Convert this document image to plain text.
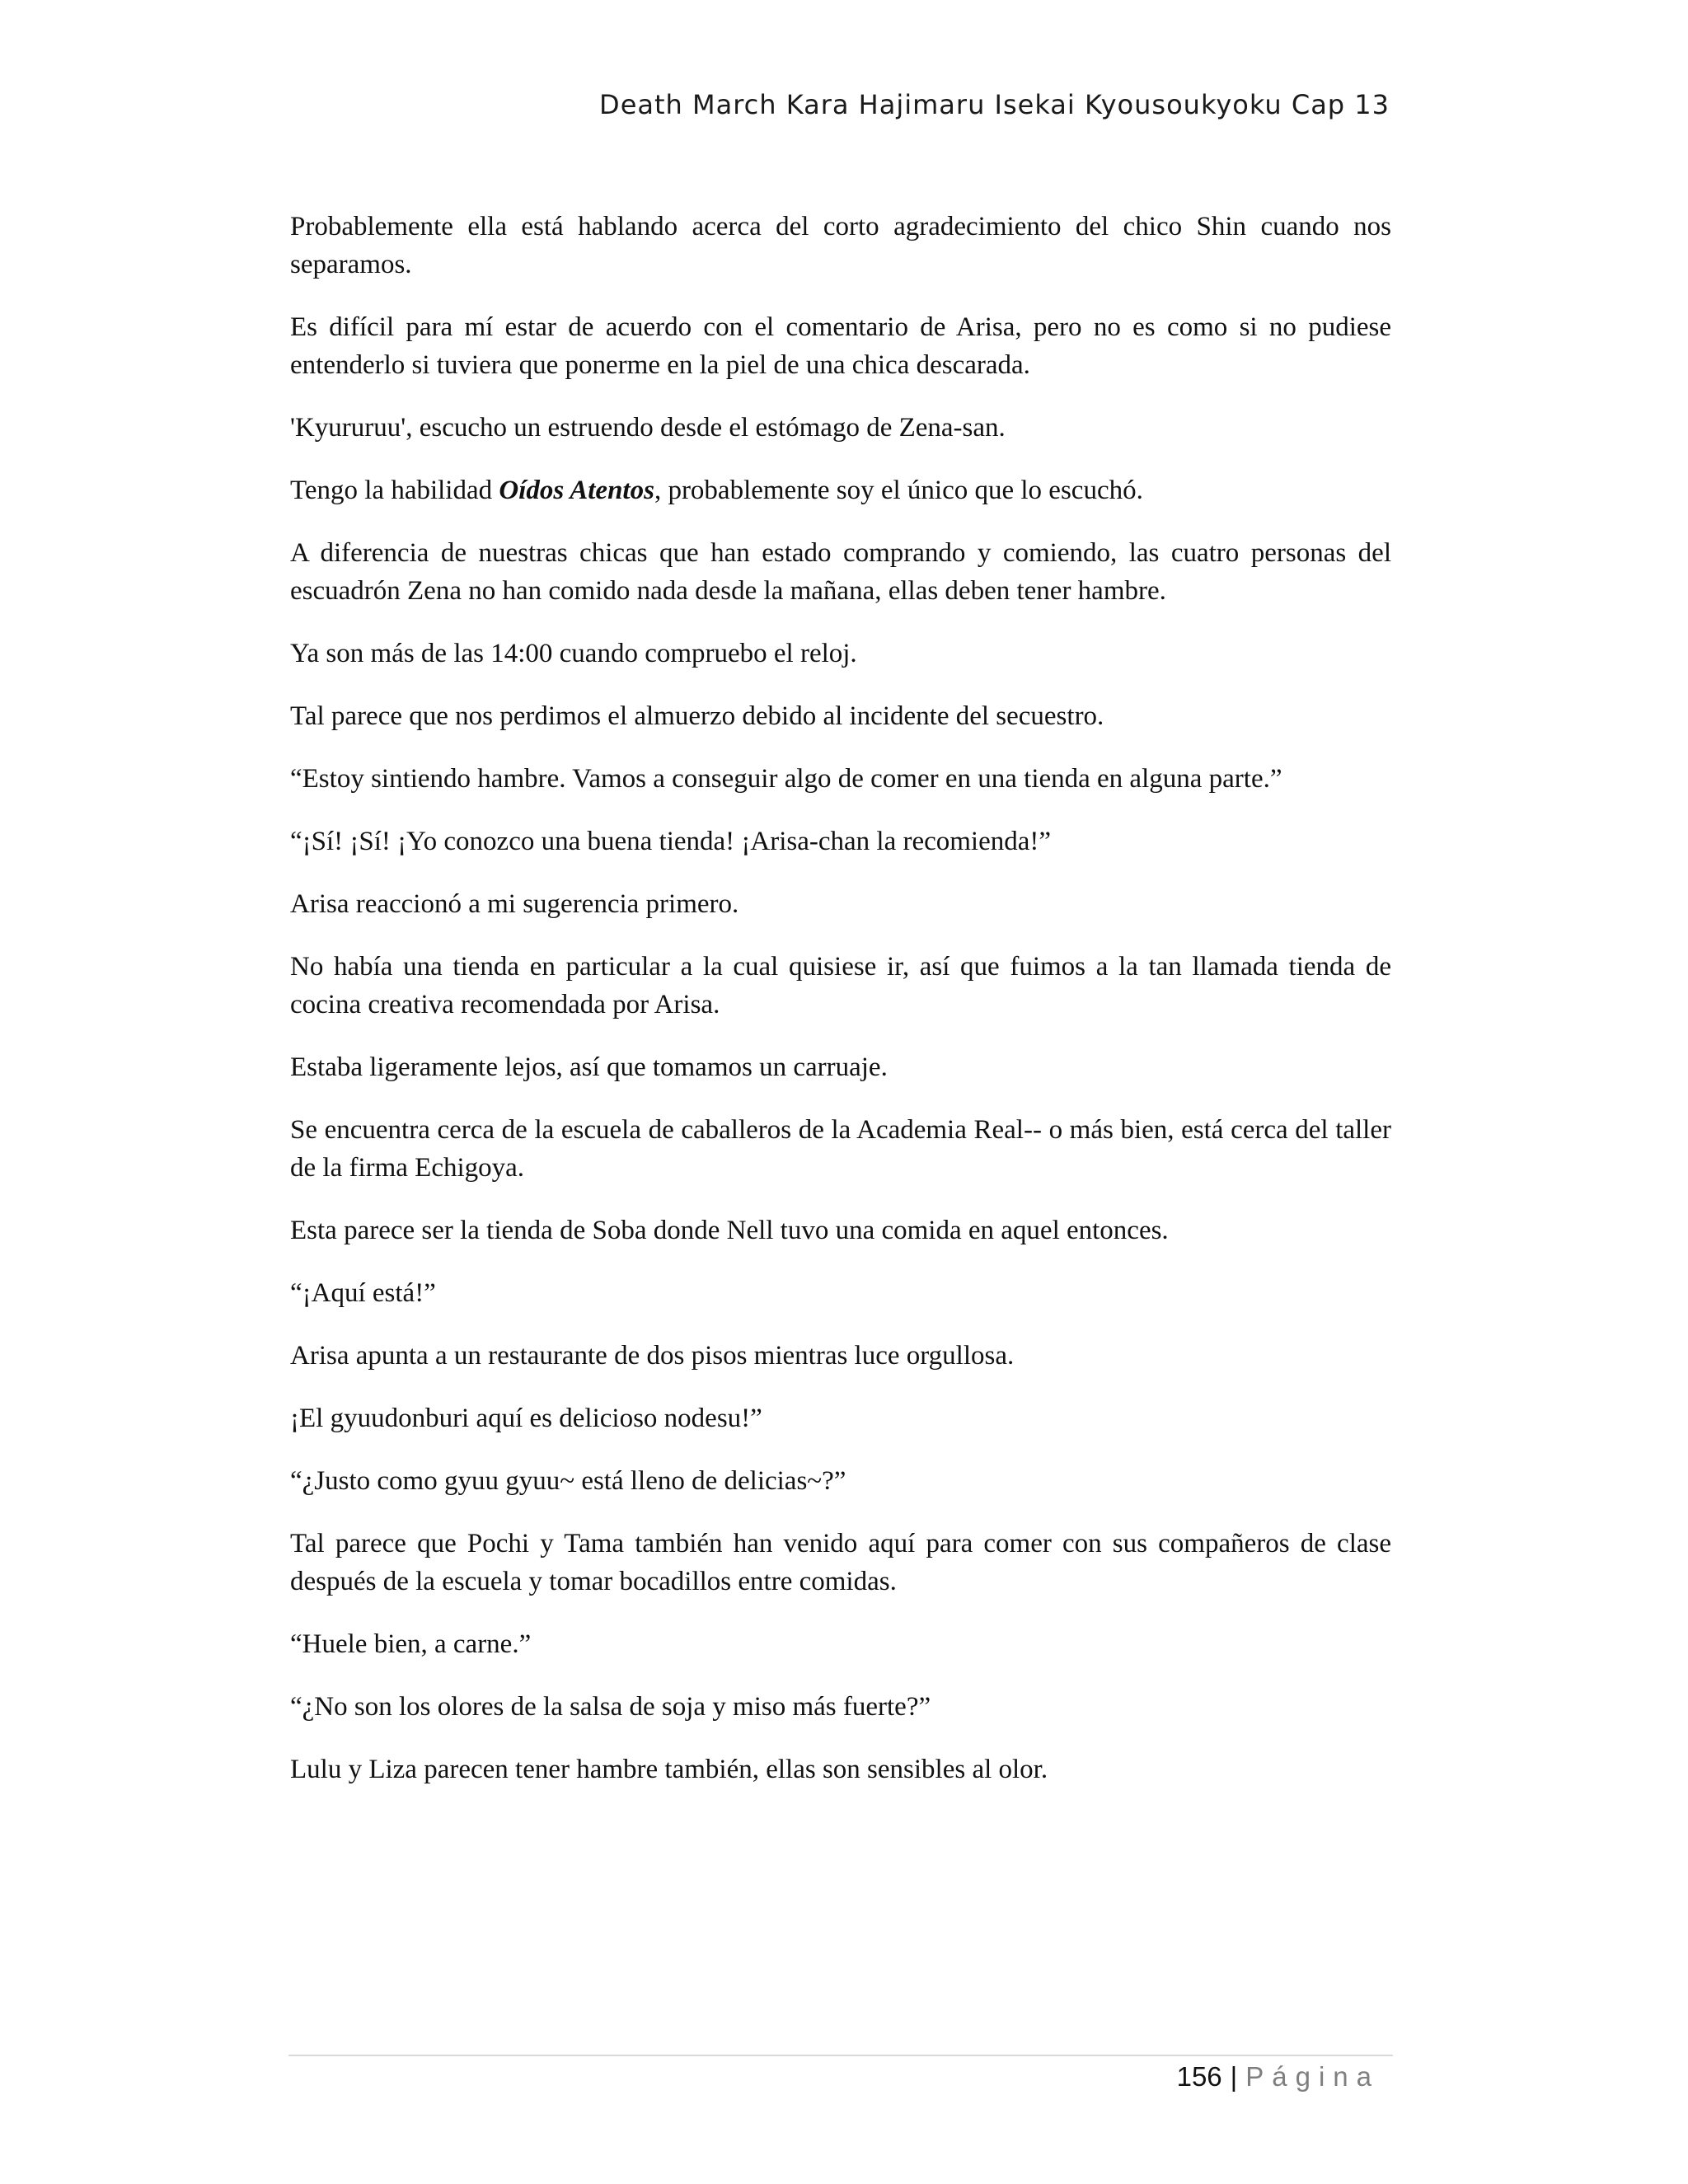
Death March Kara Hajimaru Isekai Kyousoukyoku Cap 13

Probablemente ella está hablando acerca del corto agradecimiento del chico Shin cuando nos separamos.

Es difícil para mí estar de acuerdo con el comentario de Arisa, pero no es como si no pudiese entenderlo si tuviera que ponerme en la piel de una chica descarada.

'Kyururuu', escucho un estruendo desde el estómago de Zena-san.

Tengo la habilidad Oídos Atentos, probablemente soy el único que lo escuchó.

A diferencia de nuestras chicas que han estado comprando y comiendo, las cuatro personas del escuadrón Zena no han comido nada desde la mañana, ellas deben tener hambre.

Ya son más de las 14:00 cuando compruebo el reloj.

Tal parece que nos perdimos el almuerzo debido al incidente del secuestro.

“Estoy sintiendo hambre. Vamos a conseguir algo de comer en una tienda en alguna parte.”

“¡Sí! ¡Sí! ¡Yo conozco una buena tienda! ¡Arisa-chan la recomienda!”

Arisa reaccionó a mi sugerencia primero.

No había una tienda en particular a la cual quisiese ir, así que fuimos a la tan llamada tienda de cocina creativa recomendada por Arisa.

Estaba ligeramente lejos, así que tomamos un carruaje.

Se encuentra cerca de la escuela de caballeros de la Academia Real-- o más bien, está cerca del taller de la firma Echigoya.

Esta parece ser la tienda de Soba donde Nell tuvo una comida en aquel entonces.

“¡Aquí está!”

Arisa apunta a un restaurante de dos pisos mientras luce orgullosa.

¡El gyuudonburi aquí es delicioso nodesu!”

“¿Justo como gyuu gyuu~ está lleno de delicias~?”

Tal parece que Pochi y Tama también han venido aquí para comer con sus compañeros de clase después de la escuela y tomar bocadillos entre comidas.

“Huele bien, a carne.”

“¿No son los olores de la salsa de soja y miso más fuerte?”

Lulu y Liza parecen tener hambre también, ellas son sensibles al olor.

156 | Página
